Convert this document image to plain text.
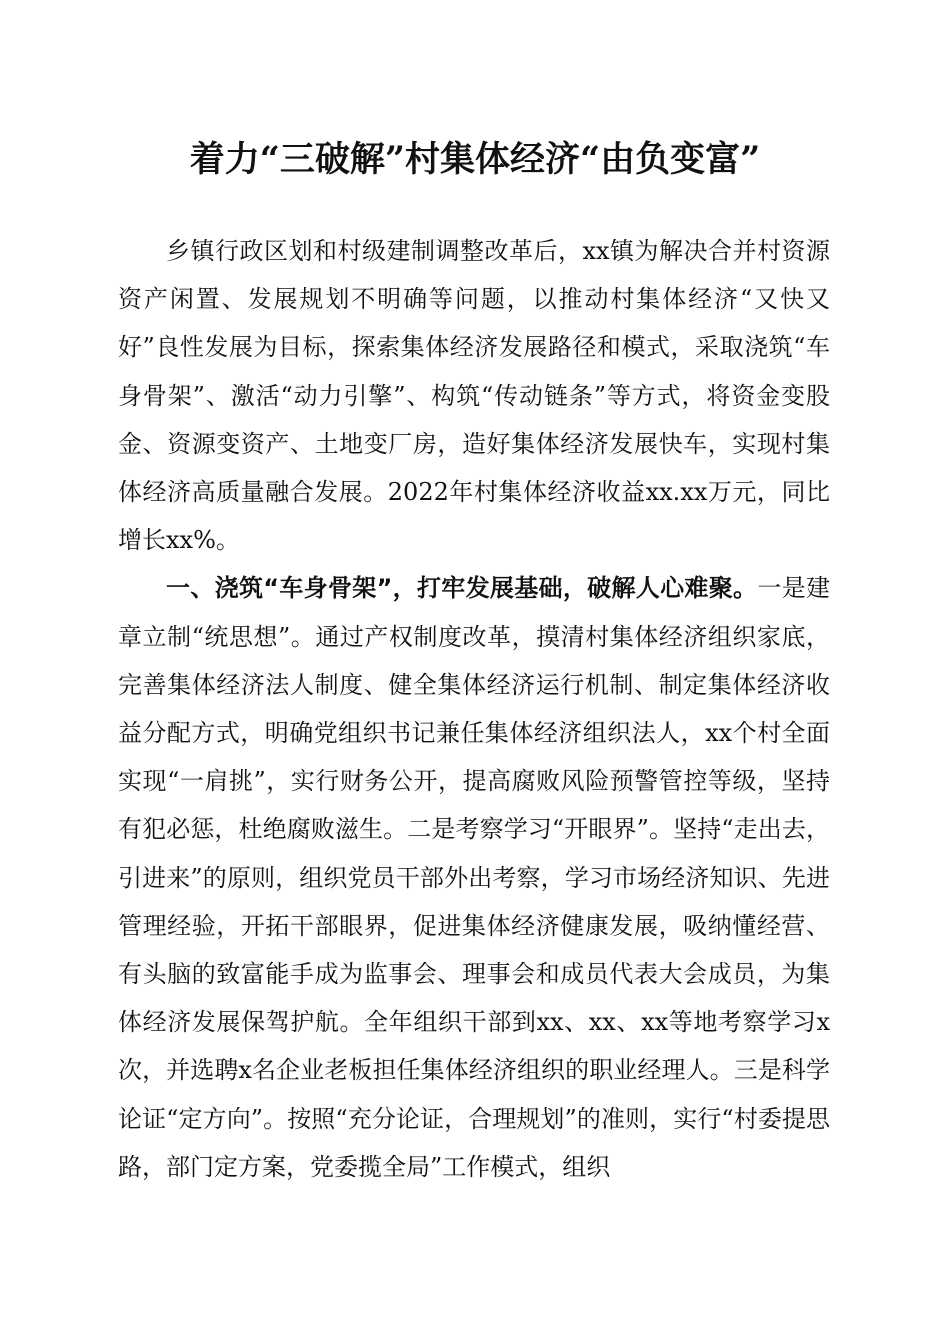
着力“三破解”村集体经济“由负变富”

乡镇行政区划和村级建制调整改革后，xx镇为解决合并村资源资产闲置、发展规划不明确等问题，以推动村集体经济“又快又好”良性发展为目标，探索集体经济发展路径和模式，采取浇筑“车身骨架”、激活“动力引擎”、构筑“传动链条”等方式，将资金变股金、资源变资产、土地变厂房，造好集体经济发展快车，实现村集体经济高质量融合发展。2022年村集体经济收益xx.xx万元，同比增长xx%。

一、浇筑“车身骨架”，打牢发展基础，破解人心难聚。一是建章立制“统思想”。通过产权制度改革，摸清村集体经济组织家底，完善集体经济法人制度、健全集体经济运行机制、制定集体经济收益分配方式，明确党组织书记兼任集体经济组织法人，xx个村全面实现“一肩挑”，实行财务公开，提高腐败风险预警管控等级，坚持有犯必惩，杜绝腐败滋生。二是考察学习“开眼界”。坚持“走出去，引进来”的原则，组织党员干部外出考察，学习市场经济知识、先进管理经验，开拓干部眼界，促进集体经济健康发展，吸纳懂经营、有头脑的致富能手成为监事会、理事会和成员代表大会成员，为集体经济发展保驾护航。全年组织干部到xx、xx、xx等地考察学习x次，并选聘x名企业老板担任集体经济组织的职业经理人。三是科学论证“定方向”。按照“充分论证，合理规划”的准则，实行“村委提思路，部门定方案，党委揽全局”工作模式，组织
